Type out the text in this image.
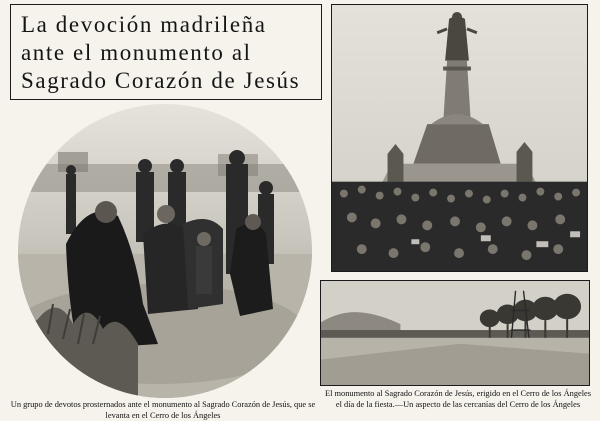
La devoción madrileña
ante el monumento al
Sagrado Corazón de Jesús
Un grupo de devotos prosternados ante el monumento al Sagrado Corazón de Jesús, que se levanta en el Cerro de los Ángeles
El monumento al Sagrado Corazón de Jesús, erigido en el Cerro de los Ángeles el día de la fiesta.—Un aspecto de las cercanías del Cerro de los Ángeles
